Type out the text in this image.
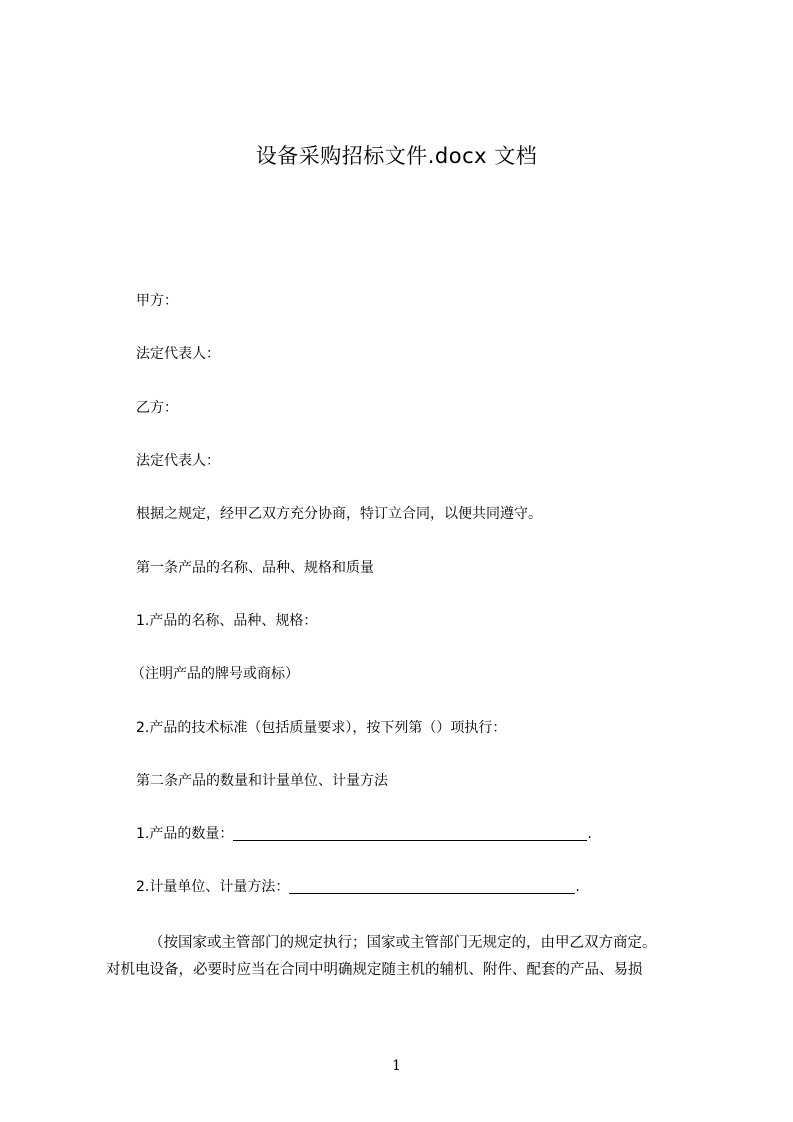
设备采购招标文件.docx 文档
甲方：
法定代表人：
乙方：
法定代表人：
根据之规定，经甲乙双方充分协商，特订立合同，以便共同遵守。
第一条产品的名称、品种、规格和质量
1.产品的名称、品种、规格：
（注明产品的牌号或商标）
2.产品的技术标准（包括质量要求），按下列第（）项执行：
第二条产品的数量和计量单位、计量方法
1.产品的数量：	.
2.计量单位、计量方法：	.
（按国家或主管部门的规定执行；国家或主管部门无规定的，由甲乙双方商定。
对机电设备，必要时应当在合同中明确规定随主机的辅机、附件、配套的产品、易损
1
